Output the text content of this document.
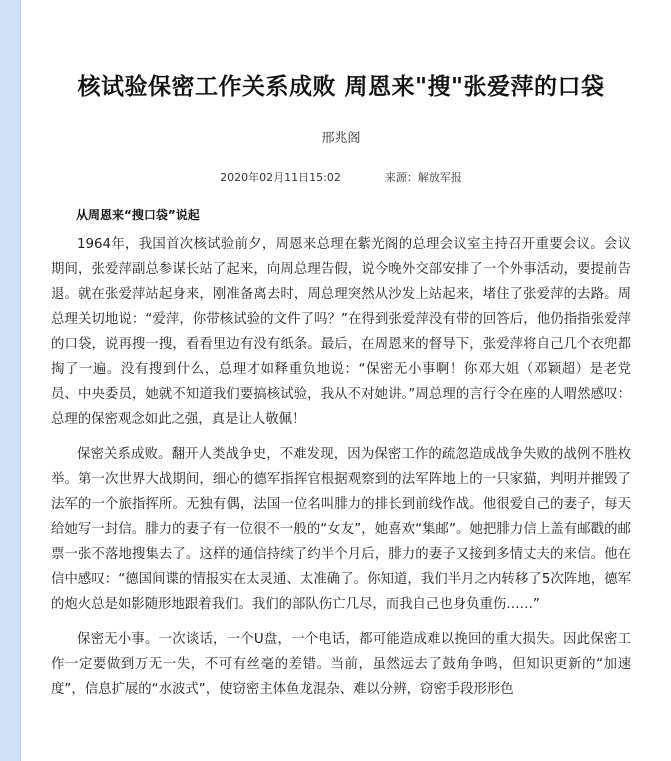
核试验保密工作关系成败 周恩来"搜"张爱萍的口袋
邢兆阁
2020年02月11日15:02	来源：解放军报
从周恩来“搜口袋”说起

1964年，我国首次核试验前夕，周恩来总理在紫光阁的总理会议室主持召开重要会议。会议期间，张爱萍副总参谋长站了起来，向周总理告假，说今晚外交部安排了一个外事活动，要提前告退。就在张爱萍站起身来，刚准备离去时，周总理突然从沙发上站起来，堵住了张爱萍的去路。周总理关切地说：“爱萍，你带核试验的文件了吗？”在得到张爱萍没有带的回答后，他仍指指张爱萍的口袋，说再搜一搜，看看里边有没有纸条。最后，在周恩来的督导下，张爱萍将自己几个衣兜都掏了一遍。没有搜到什么，总理才如释重负地说：“保密无小事啊！你邓大姐（邓颖超）是老党员、中央委员，她就不知道我们要搞核试验，我从不对她讲。”周总理的言行令在座的人喟然感叹：总理的保密观念如此之强，真是让人敬佩！

保密关系成败。翻开人类战争史，不难发现，因为保密工作的疏忽造成战争失败的战例不胜枚举。第一次世界大战期间，细心的德军指挥官根据观察到的法军阵地上的一只家猫，判明并摧毁了法军的一个旅指挥所。无独有偶，法国一位名叫腓力的排长到前线作战。他很爱自己的妻子，每天给她写一封信。腓力的妻子有一位很不一般的“女友”，她喜欢“集邮”。她把腓力信上盖有邮戳的邮票一张不落地搜集去了。这样的通信持续了约半个月后，腓力的妻子又接到多情丈夫的来信。他在信中感叹：“德国间谍的情报实在太灵通、太准确了。你知道，我们半月之内转移了5次阵地，德军的炮火总是如影随形地跟着我们。我们的部队伤亡几尽，而我自己也身负重伤……”

保密无小事。一次谈话，一个U盘，一个电话，都可能造成难以挽回的重大损失。因此保密工作一定要做到万无一失，不可有丝毫的差错。当前，虽然远去了鼓角争鸣，但知识更新的“加速度”，信息扩展的“水波式”，使窃密主体鱼龙混杂、难以分辨，窃密手段形形色
